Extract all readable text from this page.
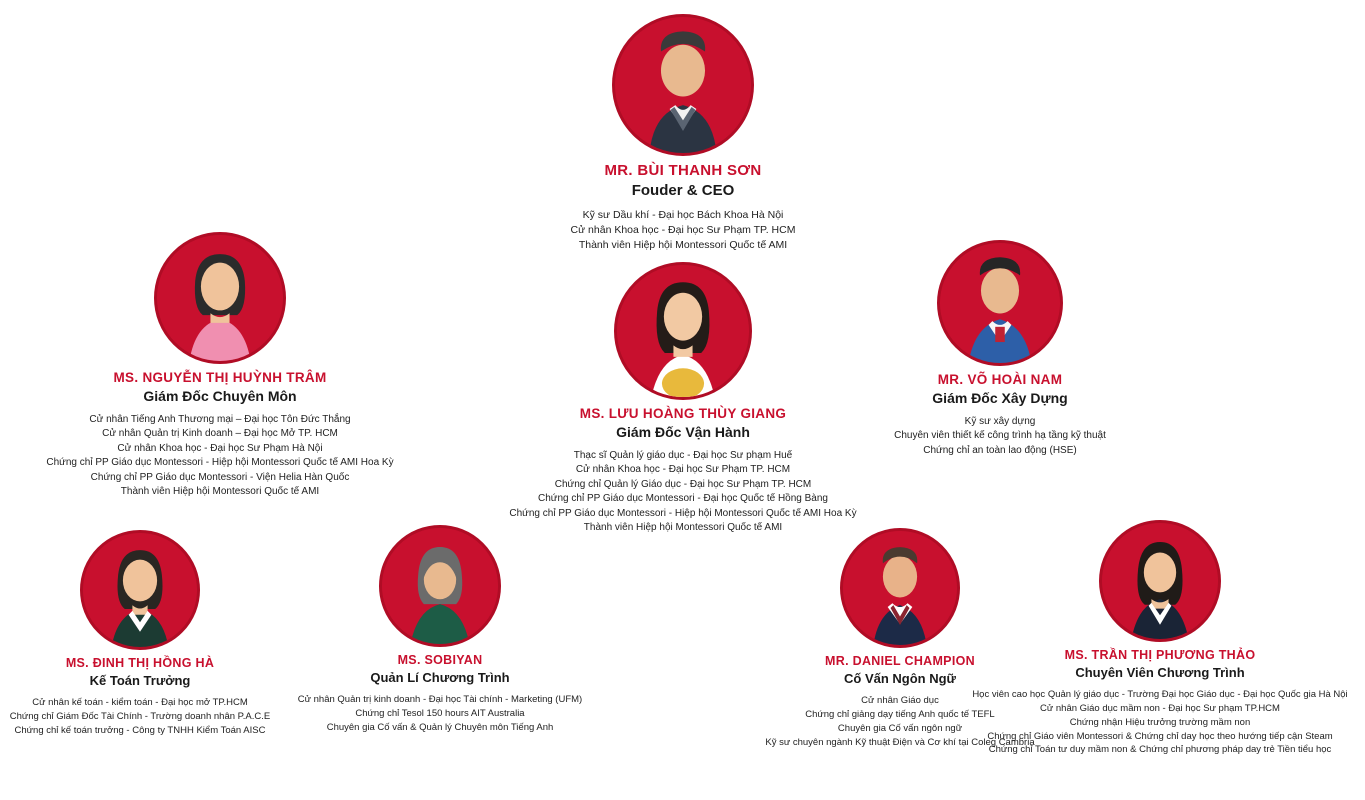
MR. BÙI THANH SƠN
Fouder & CEO
Kỹ sư Dầu khí - Đại học Bách Khoa Hà Nội
Cử nhân Khoa học - Đại học Sư Phạm TP. HCM
Thành viên Hiệp hội Montessori Quốc tế AMI
MS. NGUYỄN THỊ HUỲNH TRÂM
Giám Đốc Chuyên Môn
Cử nhân Tiếng Anh Thương mại – Đại học Tôn Đức Thắng
Cử nhân Quản trị Kinh doanh – Đại học Mở TP. HCM
Cử nhân Khoa học - Đại học Sư Phạm Hà Nội
Chứng chỉ PP Giáo dục Montessori - Hiệp hội Montessori Quốc tế AMI Hoa Kỳ
Chứng chỉ PP Giáo dục Montessori - Viện Helia Hàn Quốc
Thành viên Hiệp hội Montessori Quốc tế AMI
MS. LƯU HOÀNG THÙY GIANG
Giám Đốc Vận Hành
Thạc sĩ Quản lý giáo dục - Đại học Sư phạm Huế
Cử nhân Khoa học - Đại học Sư Phạm TP. HCM
Chứng chỉ Quản lý Giáo dục - Đại học Sư Phạm TP. HCM
Chứng chỉ PP Giáo dục Montessori - Đại học Quốc tế Hồng Bàng
Chứng chỉ PP Giáo dục Montessori - Hiệp hội Montessori Quốc tế AMI Hoa Kỳ
Thành viên Hiệp hội Montessori Quốc tế AMI
MR. VÕ HOÀI NAM
Giám Đốc Xây Dựng
Kỹ sư xây dựng
Chuyên viên thiết kế công trình hạ tầng kỹ thuật
Chứng chỉ an toàn lao động (HSE)
MS. ĐINH THỊ HỒNG HÀ
Kế Toán Trưởng
Cử nhân kế toán - kiểm toán - Đại học mở TP.HCM
Chứng chỉ Giám Đốc Tài Chính - Trường doanh nhân P.A.C.E
Chứng chỉ kế toán trưởng - Công ty TNHH Kiểm Toán AISC
MS. SOBIYAN
Quản Lí Chương Trình
Cử nhân Quản trị kinh doanh - Đại học Tài chính - Marketing (UFM)
Chứng chỉ Tesol 150 hours AIT Australia
Chuyên gia Cố vấn & Quản lý Chuyên môn Tiếng Anh
MR. DANIEL CHAMPION
Cố Vấn Ngôn Ngữ
Cử nhân Giáo dục
Chứng chỉ giảng dạy tiếng Anh quốc tế TEFL
Chuyên gia Cố vấn ngôn ngữ
Kỹ sư chuyên ngành Kỹ thuật Điện và Cơ khí tại Coleg Cambria
MS. TRẦN THỊ PHƯƠNG THẢO
Chuyên Viên Chương Trình
Học viên cao học Quản lý giáo dục - Trường Đại học Giáo dục - Đại học Quốc gia Hà Nội
Cử nhân Giáo dục mầm non - Đại học Sư phạm TP.HCM
Chứng nhận Hiệu trưởng trường mầm non
Chứng chỉ Giáo viên Montessori & Chứng chỉ day học theo hướng tiếp cận Steam
Chứng chỉ Toán tư duy mầm non & Chứng chỉ phương pháp day trẻ Tiền tiểu học
